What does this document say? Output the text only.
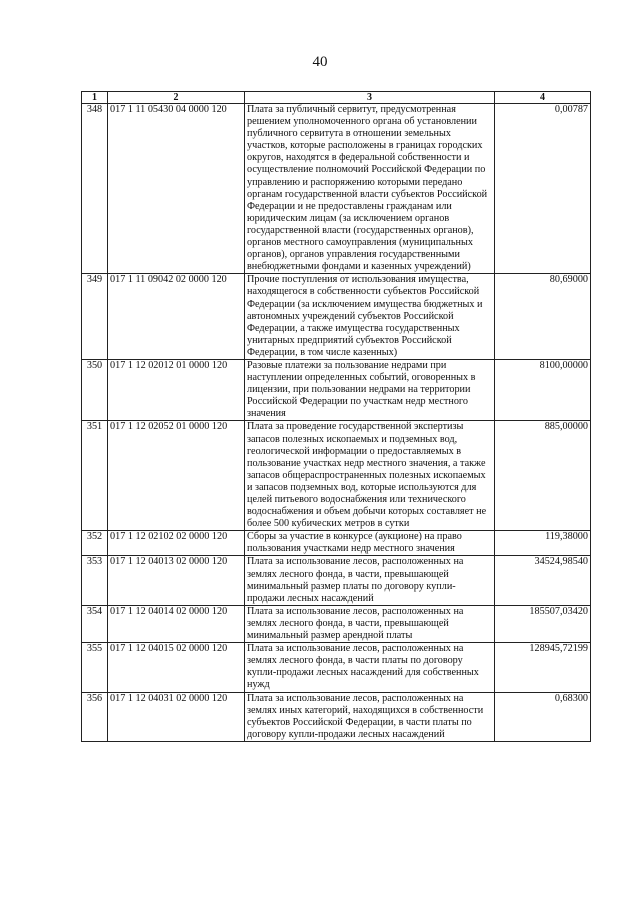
40
1	2	3	4
348	017 1 11 05430 04 0000 120	Плата за публичный сервитут, предусмотренная решением уполномоченного органа об установлении публичного сервитута в отношении земельных участков, которые расположены в границах городских округов, находятся в федеральной собственности и осуществление полномочий Российской Федерации по управлению и распоряжению которыми передано органам государственной власти субъектов Российской Федерации и не предоставлены гражданам или юридическим лицам (за исключением органов государственной власти (государственных органов), органов местного самоуправления (муниципальных органов), органов управления государственными внебюджетными фондами и казенных учреждений)	0,00787
349	017 1 11 09042 02 0000 120	Прочие поступления от использования имущества, находящегося в собственности субъектов Российской Федерации (за исключением имущества бюджетных и автономных учреждений субъектов Российской Федерации, а также имущества государственных унитарных предприятий субъектов Российской Федерации, в том числе казенных)	80,69000
350	017 1 12 02012 01 0000 120	Разовые платежи за пользование недрами при наступлении определенных событий, оговоренных в лицензии, при пользовании недрами на территории Российской Федерации по участкам недр местного значения	8100,00000
351	017 1 12 02052 01 0000 120	Плата за проведение государственной экспертизы запасов полезных ископаемых и подземных вод, геологической информации о предоставляемых в пользование участках недр местного значения, а также запасов общераспространенных полезных ископаемых и запасов подземных вод, которые используются для целей питьевого водоснабжения или технического водоснабжения и объем добычи которых составляет не более 500 кубических метров в сутки	885,00000
352	017 1 12 02102 02 0000 120	Сборы за участие в конкурсе (аукционе) на право пользования участками недр местного значения	119,38000
353	017 1 12 04013 02 0000 120	Плата за использование лесов, расположенных на землях лесного фонда, в части, превышающей минимальный размер платы по договору купли-продажи лесных насаждений	34524,98540
354	017 1 12 04014 02 0000 120	Плата за использование лесов, расположенных на землях лесного фонда, в части, превышающей минимальный размер арендной платы	185507,03420
355	017 1 12 04015 02 0000 120	Плата за использование лесов, расположенных на землях лесного фонда, в части платы по договору купли-продажи лесных насаждений для собственных нужд	128945,72199
356	017 1 12 04031 02 0000 120	Плата за использование лесов, расположенных на землях иных категорий, находящихся в собственности субъектов Российской Федерации, в части платы по договору купли-продажи лесных насаждений	0,68300
